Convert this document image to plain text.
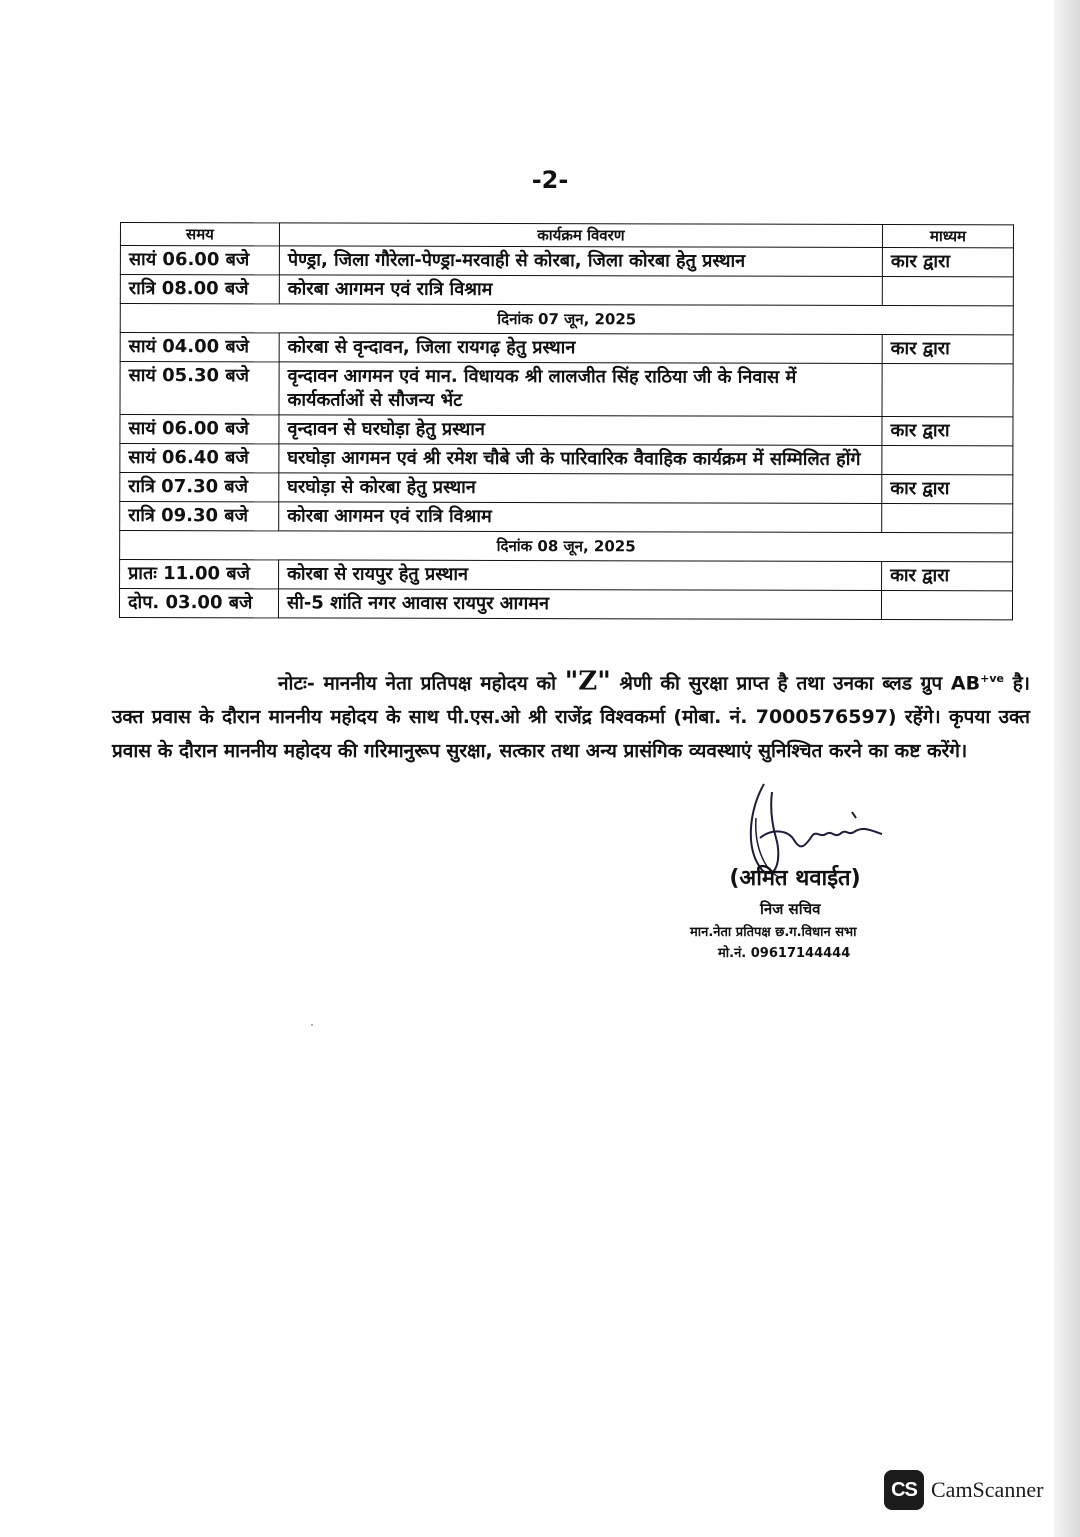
-2-
समय	कार्यक्रम विवरण	माध्यम
सायं 06.00 बजे	पेण्ड्रा, जिला गौरेला-पेण्ड्रा-मरवाही से कोरबा, जिला कोरबा हेतु प्रस्थान	कार द्वारा
रात्रि 08.00 बजे	कोरबा आगमन एवं रात्रि विश्राम	
दिनांक 07 जून, 2025		
सायं 04.00 बजे	कोरबा से वृन्दावन, जिला रायगढ़ हेतु प्रस्थान	कार द्वारा
सायं 05.30 बजे	वृन्दावन आगमन एवं मान. विधायक श्री लालजीत सिंह राठिया जी के निवास में कार्यकर्ताओं से सौजन्य भेंट	
सायं 06.00 बजे	वृन्दावन से घरघोड़ा हेतु प्रस्थान	कार द्वारा
सायं 06.40 बजे	घरघोड़ा आगमन एवं श्री रमेश चौबे जी के पारिवारिक वैवाहिक कार्यक्रम में सम्मिलित होंगे	
रात्रि 07.30 बजे	घरघोड़ा से कोरबा हेतु प्रस्थान	कार द्वारा
रात्रि 09.30 बजे	कोरबा आगमन एवं रात्रि विश्राम	
दिनांक 08 जून, 2025		
प्रातः 11.00 बजे	कोरबा से रायपुर हेतु प्रस्थान	कार द्वारा
दोप. 03.00 बजे	सी-5 शांति नगर आवास रायपुर आगमन	
नोटः- माननीय नेता प्रतिपक्ष महोदय को "Z" श्रेणी की सुरक्षा प्राप्त है तथा उनका ब्लड ग्रुप $AB^{+ve}$ है। उक्त प्रवास के दौरान माननीय महोदय के साथ पी.एस.ओ श्री राजेंद्र विश्वकर्मा (मोबा. नं. 7000576597) रहेंगे। कृपया उक्त प्रवास के दौरान माननीय महोदय की गरिमानुरूप सुरक्षा, सत्कार तथा अन्य प्रासंगिक व्यवस्थाएं सुनिश्चित करने का कष्ट करेंगे।
(अमित थवाईत)
निज सचिव
मान.नेता प्रतिपक्ष छ.ग.विधान सभा
मो.नं. 09617144444
CS CamScanner
